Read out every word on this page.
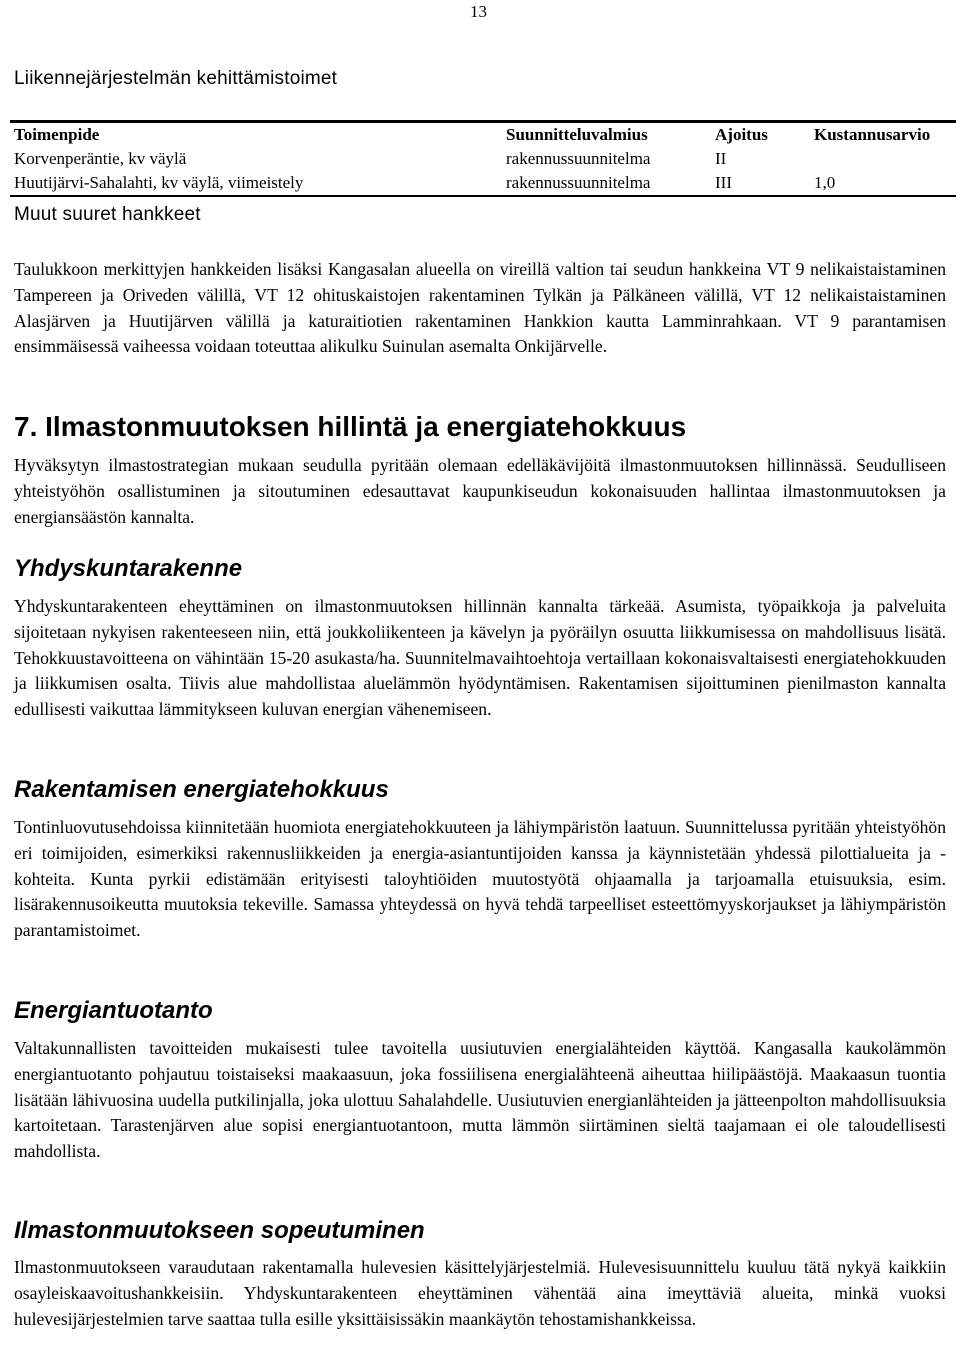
13
Liikennejärjestelmän kehittämistoimet
Toimenpide	Suunnitteluvalmius	Ajoitus	Kustannusarvio
Korvenperäntie, kv väylä	rakennussuunnitelma	II	
Huutijärvi-Sahalahti, kv väylä, viimeistely	rakennussuunnitelma	III	1,0
Muut suuret hankkeet
Taulukkoon merkittyjen hankkeiden lisäksi Kangasalan alueella on vireillä valtion tai seudun hankkeina VT 9 nelikaistaistaminen Tampereen ja Oriveden välillä, VT 12 ohituskaistojen rakentaminen Tylkän ja Pälkäneen välillä, VT 12 nelikaistaistaminen Alasjärven ja Huutijärven välillä ja katuraitiotien rakentaminen Hankkion kautta Lamminrahkaan. VT 9 parantamisen ensimmäisessä vaiheessa voidaan toteuttaa alikulku Suinulan asemalta Onkijärvelle.
7. Ilmastonmuutoksen hillintä ja energiatehokkuus
Hyväksytyn ilmastostrategian mukaan seudulla pyritään olemaan edelläkävijöitä ilmastonmuutoksen hillinnässä. Seudulliseen yhteistyöhön osallistuminen ja sitoutuminen edesauttavat kaupunkiseudun kokonaisuuden hallintaa ilmastonmuutoksen ja energiansäästön kannalta.
Yhdyskuntarakenne
Yhdyskuntarakenteen eheyttäminen on ilmastonmuutoksen hillinnän kannalta tärkeää. Asumista, työpaikkoja ja palveluita sijoitetaan nykyisen rakenteeseen niin, että joukkoliikenteen ja kävelyn ja pyöräilyn osuutta liikkumisessa on mahdollisuus lisätä. Tehokkuustavoitteena on vähintään 15-20 asukasta/ha. Suunnitelmavaihtoehtoja vertaillaan kokonaisvaltaisesti energiatehokkuuden ja liikkumisen osalta. Tiivis alue mahdollistaa aluelämmön hyödyntämisen. Rakentamisen sijoittuminen pienilmaston kannalta edullisesti vaikuttaa lämmitykseen kuluvan energian vähenemiseen.
Rakentamisen energiatehokkuus
Tontinluovutusehdoissa kiinnitetään huomiota energiatehokkuuteen ja lähiympäristön laatuun. Suunnittelussa pyritään yhteistyöhön eri toimijoiden, esimerkiksi rakennusliikkeiden ja energia-asiantuntijoiden kanssa ja käynnistetään yhdessä pilottialueita ja -kohteita. Kunta pyrkii edistämään erityisesti taloyhtiöiden muutostyötä ohjaamalla ja tarjoamalla etuisuuksia, esim. lisärakennusoikeutta muutoksia tekeville. Samassa yhteydessä on hyvä tehdä tarpeelliset esteettömyyskorjaukset ja lähiympäristön parantamistoimet.
Energiantuotanto
Valtakunnallisten tavoitteiden mukaisesti tulee tavoitella uusiutuvien energialähteiden käyttöä. Kangasalla kaukolämmön energiantuotanto pohjautuu toistaiseksi maakaasuun, joka fossiilisena energialähteenä aiheuttaa hiilipäästöjä. Maakaasun tuontia lisätään lähivuosina uudella putkilinjalla, joka ulottuu Sahalahdelle. Uusiutuvien energianlähteiden ja jätteenpolton mahdollisuuksia kartoitetaan. Tarastenjärven alue sopisi energiantuotantoon, mutta lämmön siirtäminen sieltä taajamaan ei ole taloudellisesti mahdollista.
Ilmastonmuutokseen sopeutuminen
Ilmastonmuutokseen varaudutaan rakentamalla hulevesien käsittelyjärjestelmiä. Hulevesisuunnittelu kuuluu tätä nykyä kaikkiin osayleiskaavoitushankkeisiin. Yhdyskuntarakenteen eheyttäminen vähentää aina imeyttäviä alueita, minkä vuoksi hulevesijärjestelmien tarve saattaa tulla esille yksittäisissäkin maankäytön tehostamishankkeissa.
